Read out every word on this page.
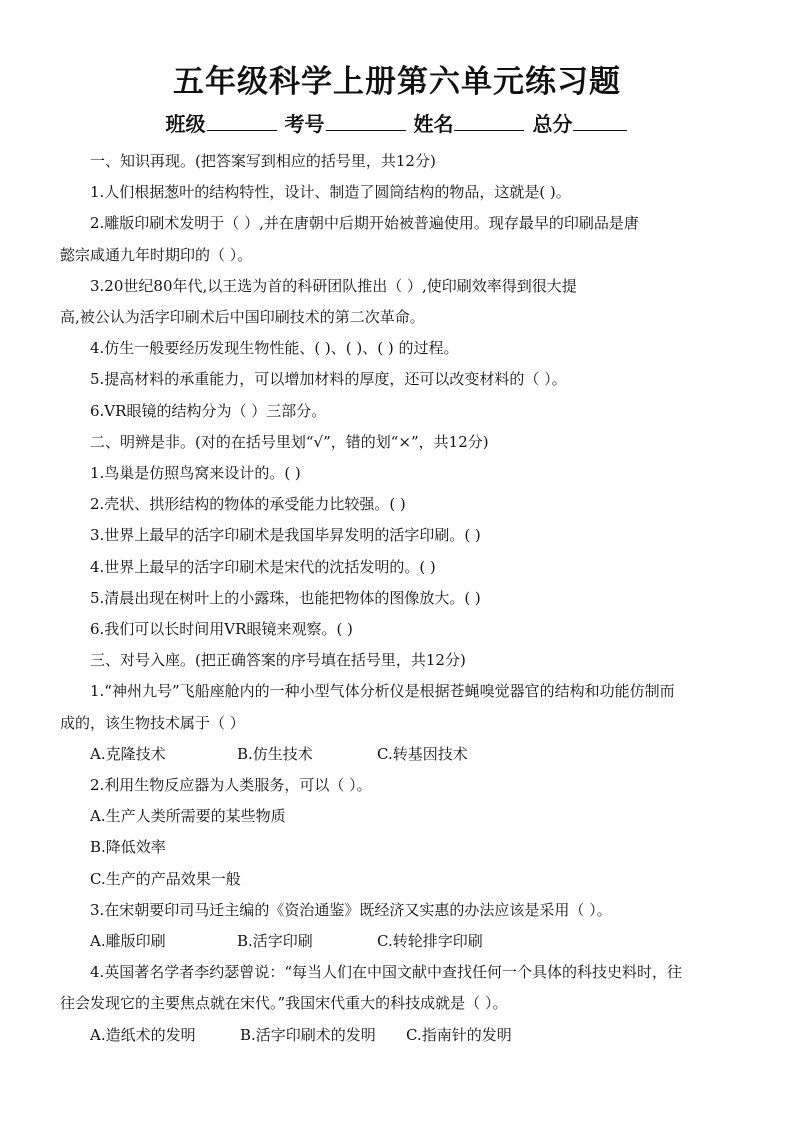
五年级科学上册第六单元练习题
班级	考号	姓名	总分
一、知识再现。(把答案写到相应的括号里，共12分)
1.人们根据葱叶的结构特性，设计、制造了圆筒结构的物品，这就是( )。
2.雕版印刷术发明于（ ）,并在唐朝中后期开始被普遍使用。现存最早的印刷品是唐
懿宗咸通九年时期印的（ ）。
3.20世纪80年代,以王选为首的科研团队推出（ ）,使印刷效率得到很大提
高,被公认为活字印刷术后中国印刷技术的第二次革命。
4.仿生一般要经历发现生物性能、( )、( )、( ) 的过程。
5.提高材料的承重能力，可以增加材料的厚度，还可以改变材料的（ ）。
6.VR眼镜的结构分为（ ）三部分。
二、明辨是非。(对的在括号里划“√”，错的划“×”，共12分)
1.鸟巢是仿照鸟窝来设计的。( )
2.壳状、拱形结构的物体的承受能力比较强。( )
3.世界上最早的活字印刷术是我国毕昇发明的活字印刷。( )
4.世界上最早的活字印刷术是宋代的沈括发明的。( )
5.清晨出现在树叶上的小露珠，也能把物体的图像放大。( )
6.我们可以长时间用VR眼镜来观察。( )
三、对号入座。(把正确答案的序号填在括号里，共12分)
1.“神州九号”飞船座舱内的一种小型气体分析仪是根据苍蝇嗅觉器官的结构和功能仿制而
成的，该生物技术属于（ ）
A.克隆技术	B.仿生技术	C.转基因技术
2.利用生物反应器为人类服务，可以（ ）。
A.生产人类所需要的某些物质
B.降低效率
C.生产的产品效果一般
3.在宋朝要印司马迁主编的《资治通鉴》既经济又实惠的办法应该是采用（ ）。
A.雕版印刷	B.活字印刷	C.转轮排字印刷
4.英国著名学者李约瑟曾说：“每当人们在中国文献中查找任何一个具体的科技史料时，往
往会发现它的主要焦点就在宋代。”我国宋代重大的科技成就是（ ）。
A.造纸术的发明	B.活字印刷术的发明 C.指南针的发明
